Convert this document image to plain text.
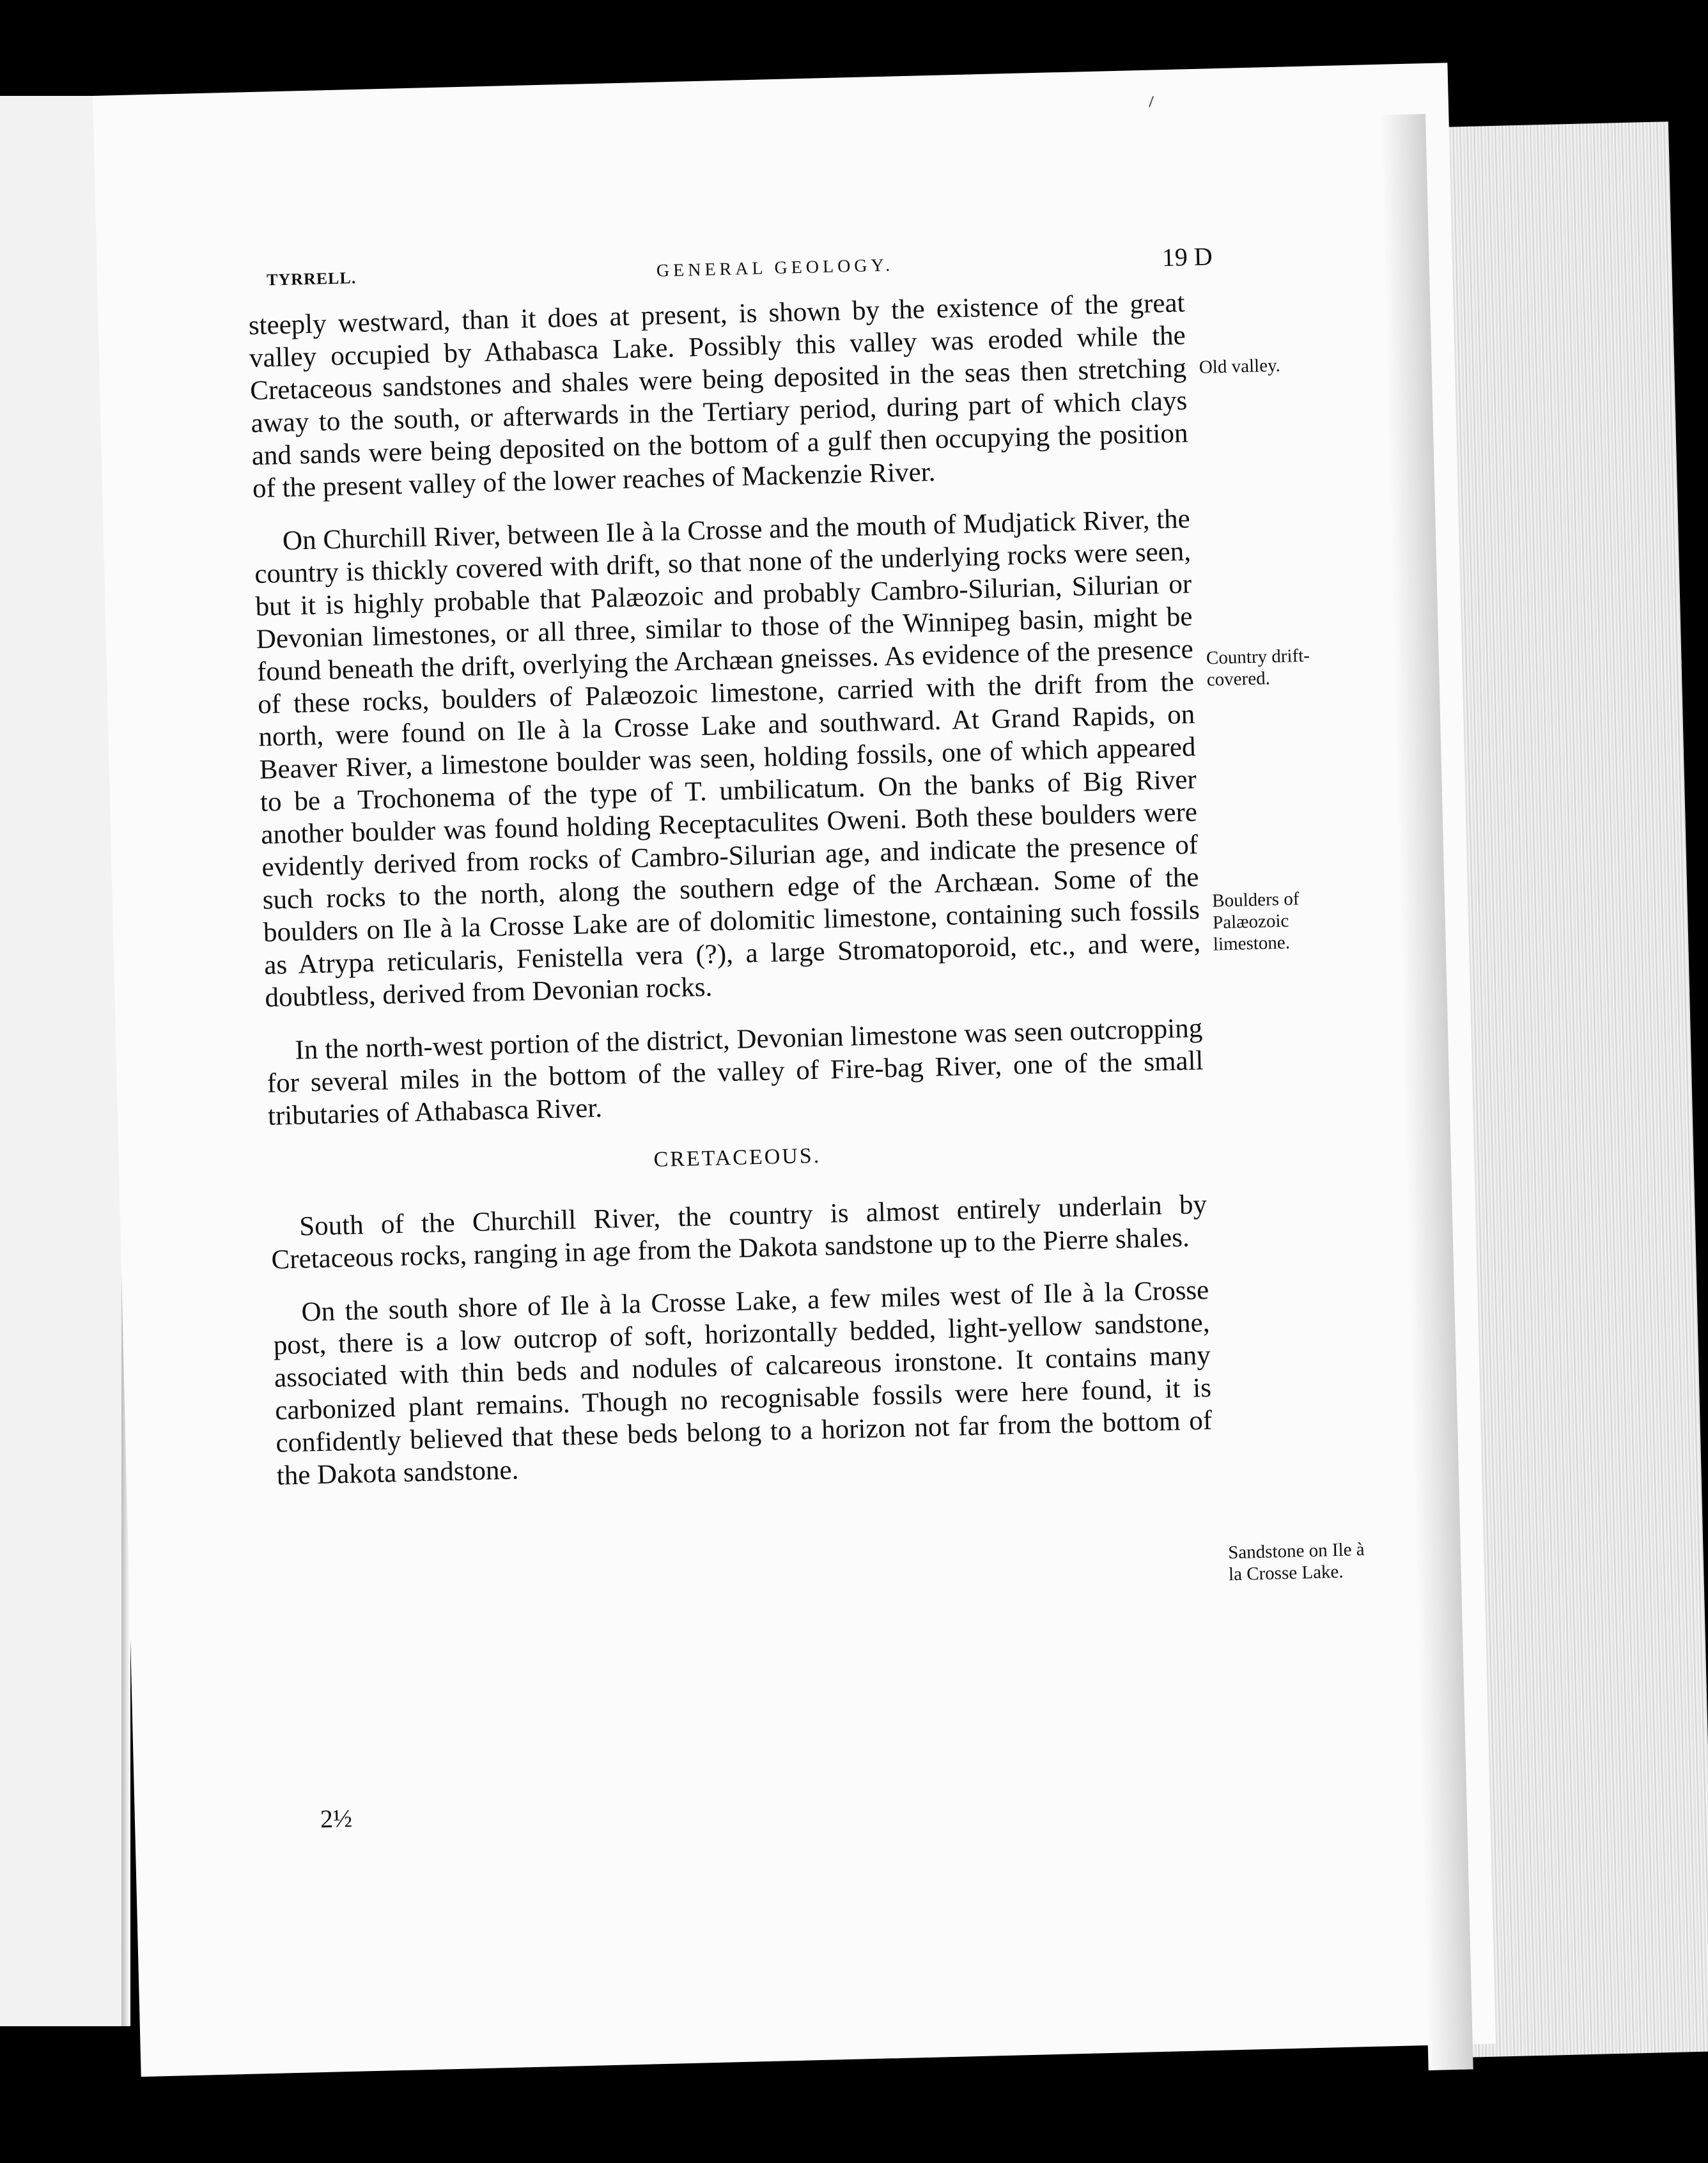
TYRRELL.	GENERAL GEOLOGY.	19 D

steeply westward, than it does at present, is shown by the existence of the great valley occupied by Athabasca Lake. Possibly this valley was eroded while the Cretaceous sandstones and shales were being deposited in the seas then stretching away to the south, or afterwards in the Tertiary period, during part of which clays and sands were being deposited on the bottom of a gulf then occupying the position of the present valley of the lower reaches of Mackenzie River.

On Churchill River, between Ile à la Crosse and the mouth of Mudjatick River, the country is thickly covered with drift, so that none of the underlying rocks were seen, but it is highly probable that Palæozoic and probably Cambro-Silurian, Silurian or Devonian limestones, or all three, similar to those of the Winnipeg basin, might be found beneath the drift, overlying the Archæan gneisses. As evidence of the presence of these rocks, boulders of Palæozoic limestone, carried with the drift from the north, were found on Ile à la Crosse Lake and southward. At Grand Rapids, on Beaver River, a limestone boulder was seen, holding fossils, one of which appeared to be a Trochonema of the type of T. umbilicatum. On the banks of Big River another boulder was found holding Receptaculites Oweni. Both these boulders were evidently derived from rocks of Cambro-Silurian age, and indicate the presence of such rocks to the north, along the southern edge of the Archæan. Some of the boulders on Ile à la Crosse Lake are of dolomitic limestone, containing such fossils as Atrypa reticularis, Fenistella vera (?), a large Stromatoporoid, etc., and were, doubtless, derived from Devonian rocks.

In the north-west portion of the district, Devonian limestone was seen outcropping for several miles in the bottom of the valley of Fire-bag River, one of the small tributaries of Athabasca River.

CRETACEOUS.

South of the Churchill River, the country is almost entirely underlain by Cretaceous rocks, ranging in age from the Dakota sandstone up to the Pierre shales.

On the south shore of Ile à la Crosse Lake, a few miles west of Ile à la Crosse post, there is a low outcrop of soft, horizontally bedded, light-yellow sandstone, associated with thin beds and nodules of calcareous ironstone. It contains many carbonized plant remains. Though no recognisable fossils were here found, it is confidently believed that these beds belong to a horizon not far from the bottom of the Dakota sandstone.

Old valley.
Country drift-covered.
Boulders of Palæozoic limestone.
Sandstone on Ile à la Crosse Lake.
2½
